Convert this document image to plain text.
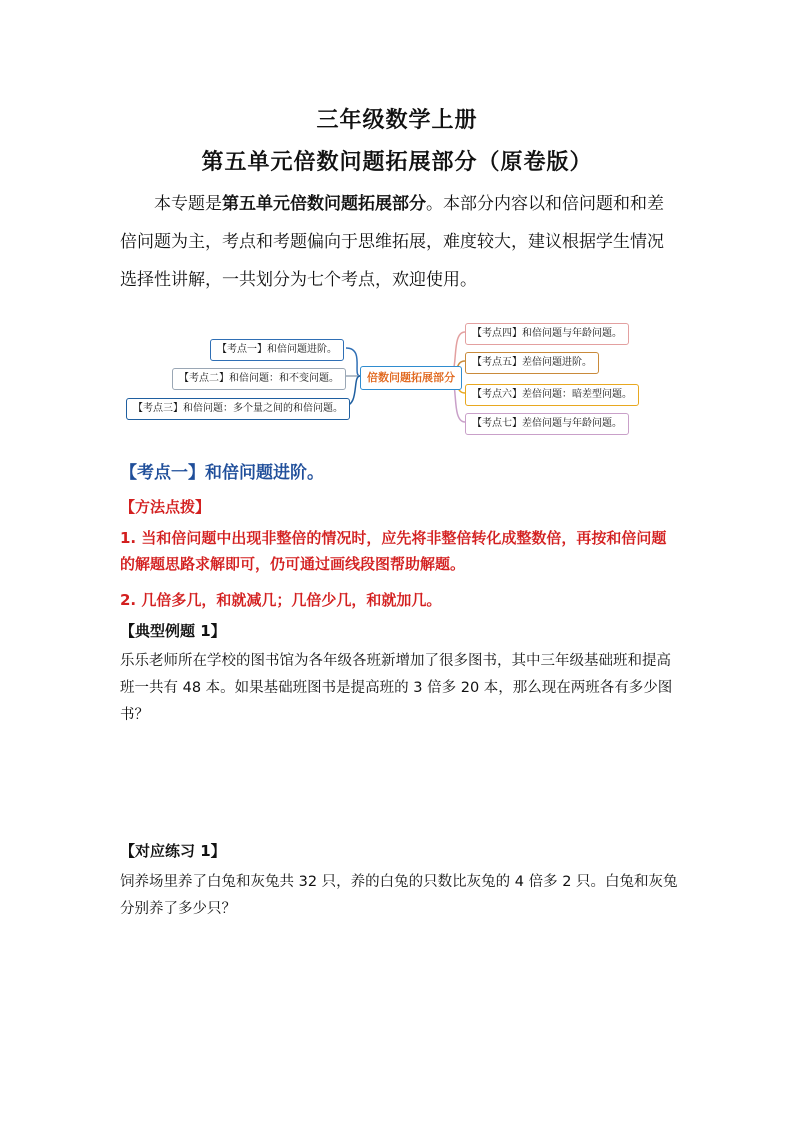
三年级数学上册
第五单元倍数问题拓展部分（原卷版）
本专题是第五单元倍数问题拓展部分。本部分内容以和倍问题和和差倍问题为主，考点和考题偏向于思维拓展，难度较大，建议根据学生情况选择性讲解，一共划分为七个考点，欢迎使用。
【考点一】和倍问题进阶。
【考点二】和倍问题：和不变问题。
【考点三】和倍问题：多个量之间的和倍问题。
倍数问题拓展部分
【考点四】和倍问题与年龄问题。
【考点五】差倍问题进阶。
【考点六】差倍问题：暗差型问题。
【考点七】差倍问题与年龄问题。
【考点一】和倍问题进阶。
【方法点拨】
1. 当和倍问题中出现非整倍的情况时，应先将非整倍转化成整数倍，再按和倍问题的解题思路求解即可，仍可通过画线段图帮助解题。
2. 几倍多几，和就减几；几倍少几，和就加几。
【典型例题 1】
乐乐老师所在学校的图书馆为各年级各班新增加了很多图书，其中三年级基础班和提高班一共有 48 本。如果基础班图书是提高班的 3 倍多 20 本，那么现在两班各有多少图书？
【对应练习 1】
饲养场里养了白兔和灰兔共 32 只，养的白兔的只数比灰兔的 4 倍多 2 只。白兔和灰兔分别养了多少只？
